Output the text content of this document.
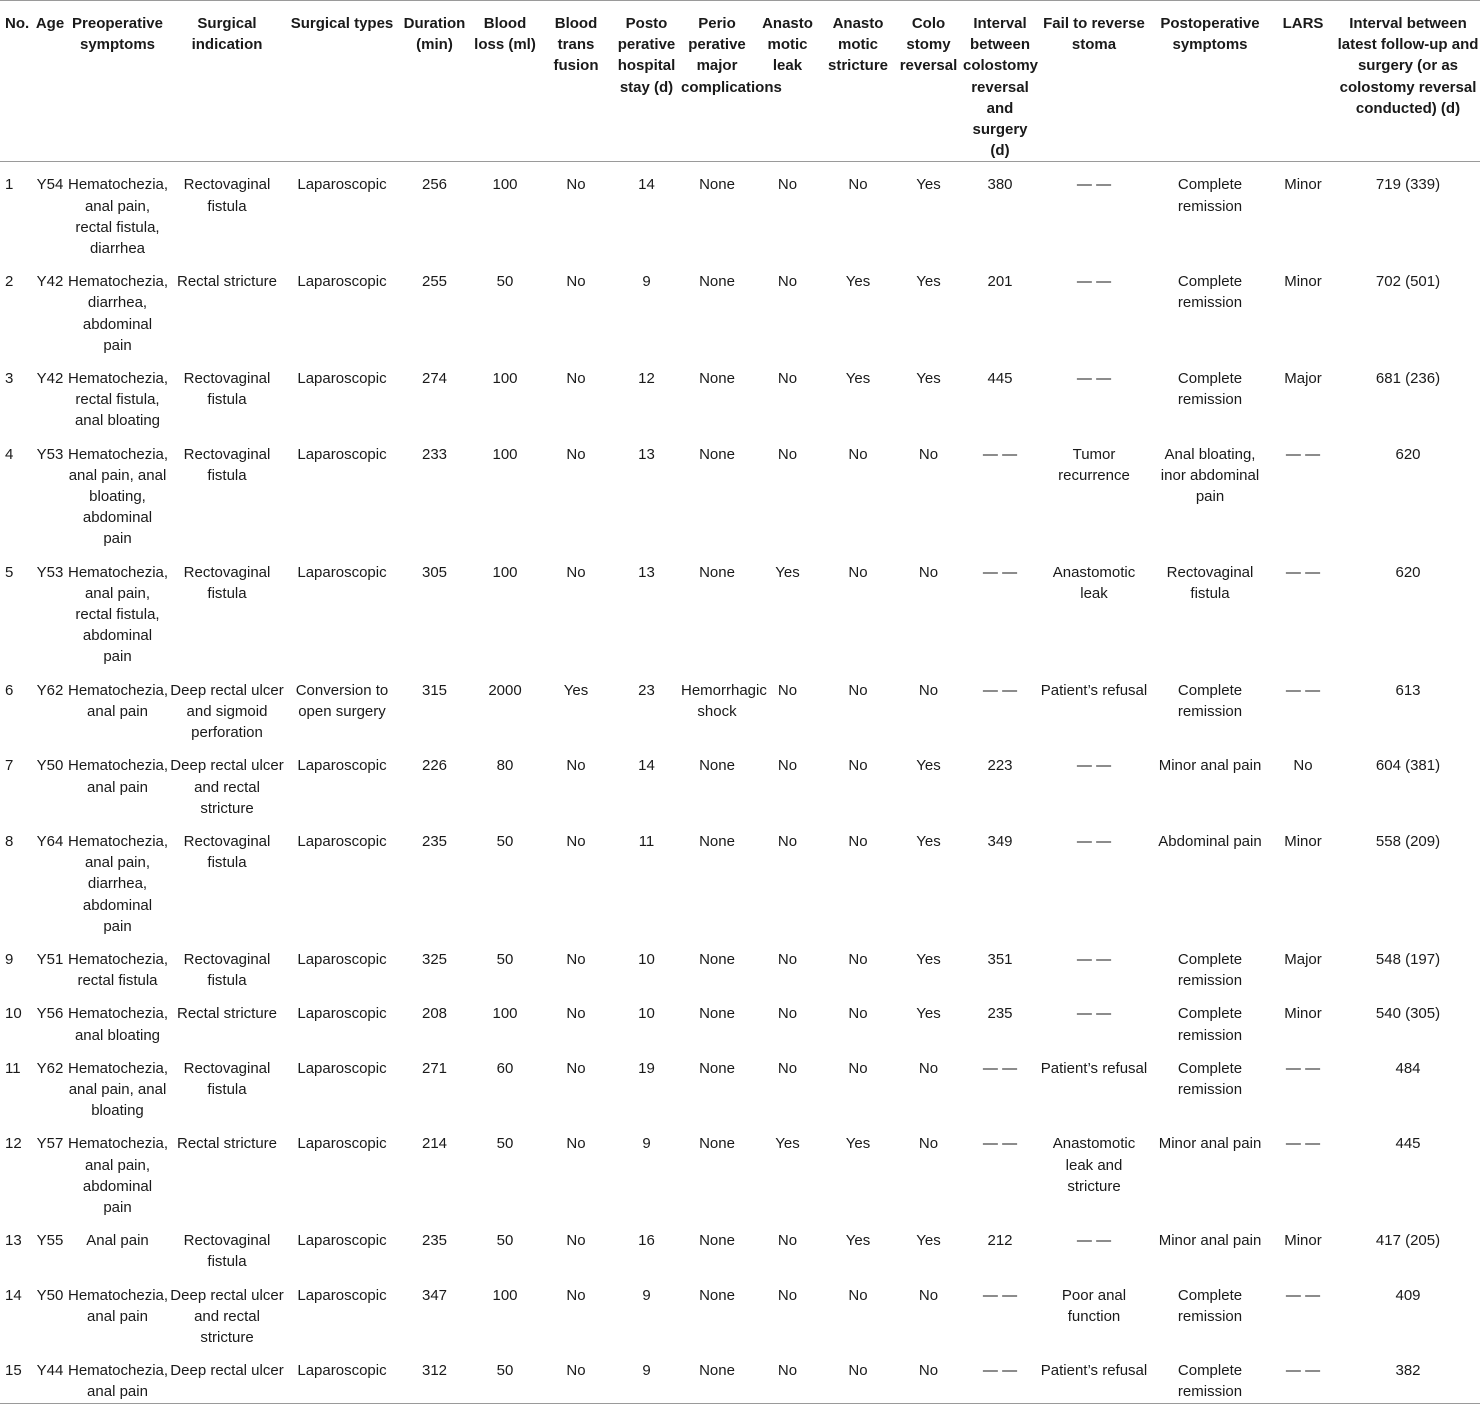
No.	Age	Preoperative symptoms	Surgical indication	Surgical types	Duration (min)	Blood loss (ml)	Blood trans fusion	Posto perative hospital stay (d)	Perio perative major complications	Anasto motic leak	Anasto motic stricture	Colo stomy reversal	Interval between colostomy reversal and surgery (d)	Fail to reverse stoma	Postoperative symptoms	LARS	Interval between latest follow-up and surgery (or as colostomy reversal conducted) (d)
1	Y54	Hematochezia, anal pain, rectal fistula, diarrhea	Rectovaginal fistula	Laparoscopic	256	100	No	14	None	No	No	Yes	380	— —	Complete remission	Minor	719 (339)
2	Y42	Hematochezia, diarrhea, abdominal pain	Rectal stricture	Laparoscopic	255	50	No	9	None	No	Yes	Yes	201	— —	Complete remission	Minor	702 (501)
3	Y42	Hematochezia, rectal fistula, anal bloating	Rectovaginal fistula	Laparoscopic	274	100	No	12	None	No	Yes	Yes	445	— —	Complete remission	Major	681 (236)
4	Y53	Hematochezia, anal pain, anal bloating, abdominal pain	Rectovaginal fistula	Laparoscopic	233	100	No	13	None	No	No	No	— —	Tumor recurrence	Anal bloating, inor abdominal pain	— —	620
5	Y53	Hematochezia, anal pain, rectal fistula, abdominal pain	Rectovaginal fistula	Laparoscopic	305	100	No	13	None	Yes	No	No	— —	Anastomotic leak	Rectovaginal fistula	— —	620
6	Y62	Hematochezia, anal pain	Deep rectal ulcer and sigmoid perforation	Conversion to open surgery	315	2000	Yes	23	Hemorrhagic shock	No	No	No	— —	Patient’s refusal	Complete remission	— —	613
7	Y50	Hematochezia, anal pain	Deep rectal ulcer and rectal stricture	Laparoscopic	226	80	No	14	None	No	No	Yes	223	— —	Minor anal pain	No	604 (381)
8	Y64	Hematochezia, anal pain, diarrhea, abdominal pain	Rectovaginal fistula	Laparoscopic	235	50	No	11	None	No	No	Yes	349	— —	Abdominal pain	Minor	558 (209)
9	Y51	Hematochezia, rectal fistula	Rectovaginal fistula	Laparoscopic	325	50	No	10	None	No	No	Yes	351	— —	Complete remission	Major	548 (197)
10	Y56	Hematochezia, anal bloating	Rectal stricture	Laparoscopic	208	100	No	10	None	No	No	Yes	235	— —	Complete remission	Minor	540 (305)
11	Y62	Hematochezia, anal pain, anal bloating	Rectovaginal fistula	Laparoscopic	271	60	No	19	None	No	No	No	— —	Patient’s refusal	Complete remission	— —	484
12	Y57	Hematochezia, anal pain, abdominal pain	Rectal stricture	Laparoscopic	214	50	No	9	None	Yes	Yes	No	— —	Anastomotic leak and stricture	Minor anal pain	— —	445
13	Y55	Anal pain	Rectovaginal fistula	Laparoscopic	235	50	No	16	None	No	Yes	Yes	212	— —	Minor anal pain	Minor	417 (205)
14	Y50	Hematochezia, anal pain	Deep rectal ulcer and rectal stricture	Laparoscopic	347	100	No	9	None	No	No	No	— —	Poor anal function	Complete remission	— —	409
15	Y44	Hematochezia, anal pain	Deep rectal ulcer	Laparoscopic	312	50	No	9	None	No	No	No	— —	Patient’s refusal	Complete remission	— —	382
